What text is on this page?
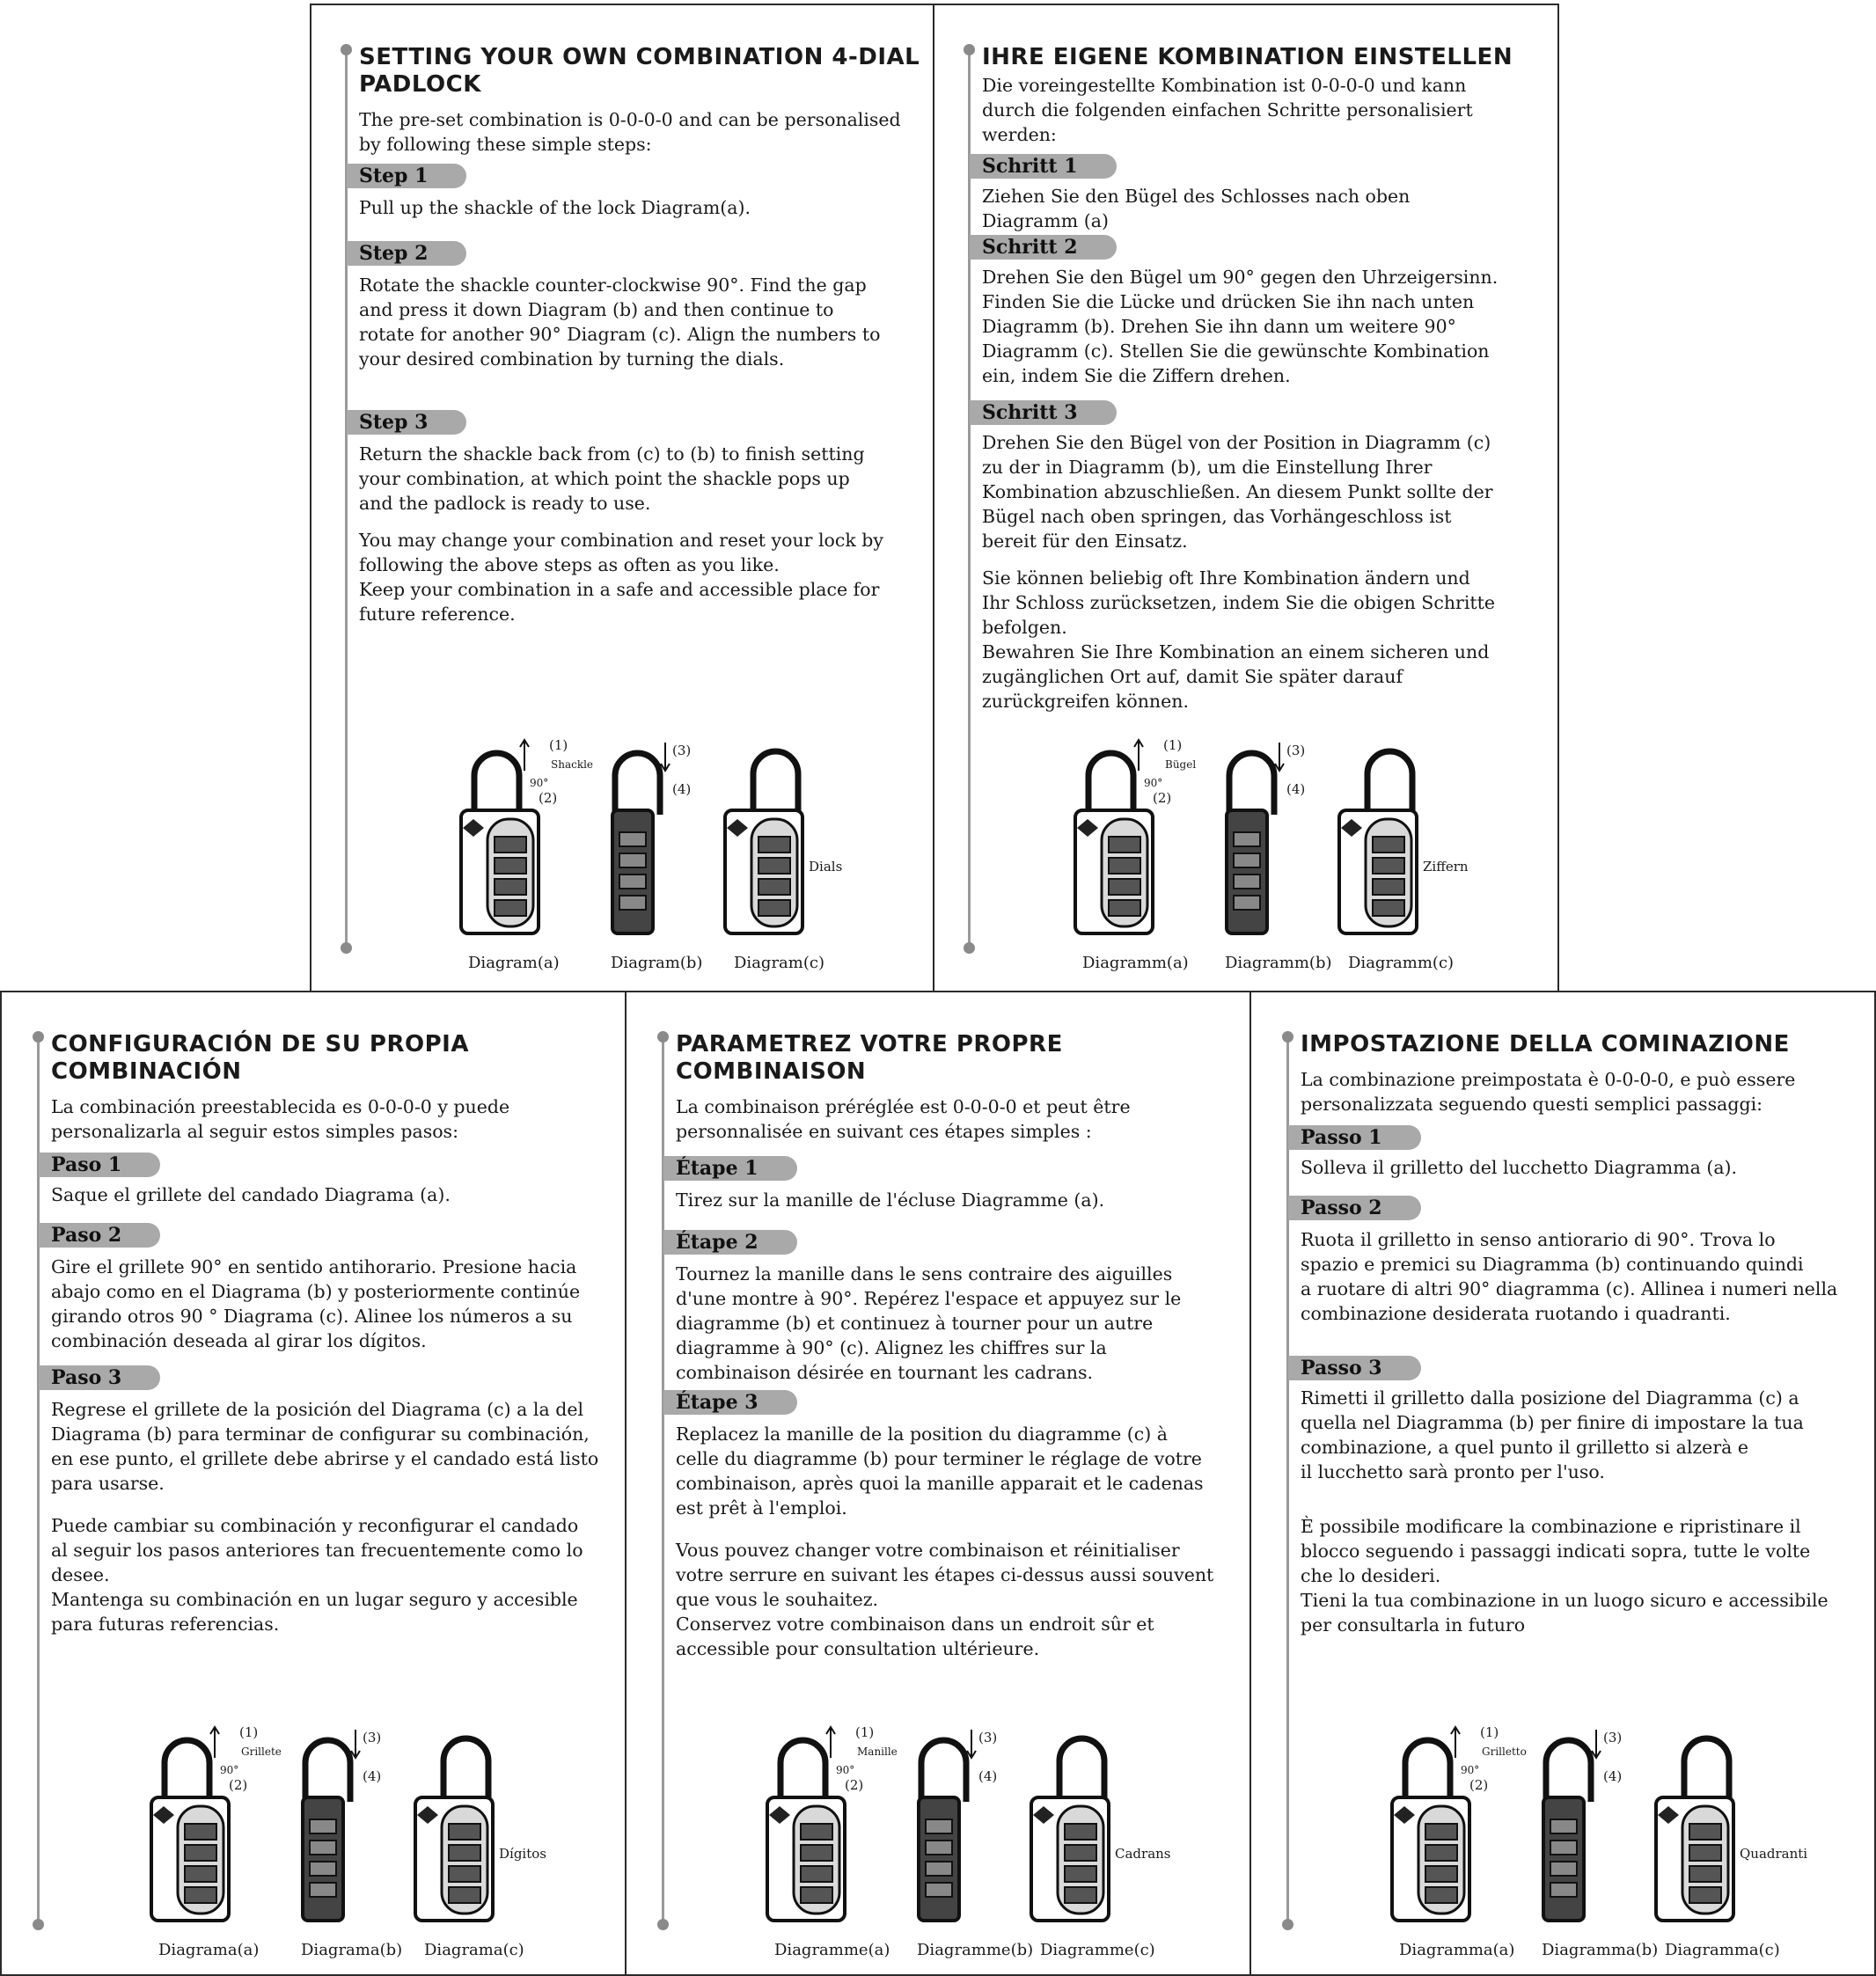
SETTING YOUR OWN COMBINATION 4-DIAL
PADLOCK

The pre-set combination is 0-0-0-0 and can be personalised
by following these simple steps:

Step 1

Pull up the shackle of the lock Diagram(a).

Step 2

Rotate the shackle counter-clockwise 90°. Find the gap
and press it down Diagram (b) and then continue to
rotate for another 90° Diagram (c). Align the numbers to
your desired combination by turning the dials.

Step 3

Return the shackle back from (c) to (b) to finish setting
your combination, at which point the shackle pops up
and the padlock is ready to use.

You may change your combination and reset your lock by
following the above steps as often as you like.
Keep your combination in a safe and accessible place for
future reference.

(1)
Shackle
90°
(2)
(3)
(4)
Dials
Diagram(a)	Diagram(b) Diagram(c)
IHRE EIGENE KOMBINATION EINSTELLEN

Die voreingestellte Kombination ist 0-0-0-0 und kann
durch die folgenden einfachen Schritte personalisiert
werden:

Schritt 1

Ziehen Sie den Bügel des Schlosses nach oben
Diagramm (a)

Schritt 2

Drehen Sie den Bügel um 90° gegen den Uhrzeigersinn.
Finden Sie die Lücke und drücken Sie ihn nach unten
Diagramm (b). Drehen Sie ihn dann um weitere 90°
Diagramm (c). Stellen Sie die gewünschte Kombination
ein, indem Sie die Ziffern drehen.

Schritt 3

Drehen Sie den Bügel von der Position in Diagramm (c)
zu der in Diagramm (b), um die Einstellung Ihrer
Kombination abzuschließen. An diesem Punkt sollte der
Bügel nach oben springen, das Vorhängeschloss ist
bereit für den Einsatz.

Sie können beliebig oft Ihre Kombination ändern und
Ihr Schloss zurücksetzen, indem Sie die obigen Schritte
befolgen.
Bewahren Sie Ihre Kombination an einem sicheren und
zugänglichen Ort auf, damit Sie später darauf
zurückgreifen können.

(1)
Bügel
90°
(2)
(3)
(4)
Ziffern
Diagramm(a) Diagramm(b) Diagramm(c)
CONFIGURACIÓN DE SU PROPIA COMBINACIÓN

La combinación preestablecida es 0-0-0-0 y puede
personalizarla al seguir estos simples pasos:

Paso 1

Saque el grillete del candado Diagrama (a).

Paso 2

Gire el grillete 90° en sentido antihorario. Presione hacia
abajo como en el Diagrama (b) y posteriormente continúe
girando otros 90 ° Diagrama (c). Alinee los números a su
combinación deseada al girar los dígitos.

Paso 3

Regrese el grillete de la posición del Diagrama (c) a la del
Diagrama (b) para terminar de configurar su combinación,
en ese punto, el grillete debe abrirse y el candado está listo
para usarse.

Puede cambiar su combinación y reconfigurar el candado
al seguir los pasos anteriores tan frecuentemente como lo
desee.
Mantenga su combinación en un lugar seguro y accesible
para futuras referencias.

(1)
Grillete
90°
(2)
(3)
(4)
Dígitos
Diagrama(a)	Diagrama(b) Diagrama(c)
PARAMETREZ VOTRE PROPRE COMBINAISON

La combinaison préréglée est 0-0-0-0 et peut être
personnalisée en suivant ces étapes simples :

Étape 1

Tirez sur la manille de l'écluse Diagramme (a).

Étape 2

Tournez la manille dans le sens contraire des aiguilles
d'une montre à 90°. Repérez l'espace et appuyez sur le
diagramme (b) et continuez à tourner pour un autre
diagramme à 90° (c). Alignez les chiffres sur la
combinaison désirée en tournant les cadrans.

Étape 3

Replacez la manille de la position du diagramme (c) à
celle du diagramme (b) pour terminer le réglage de votre
combinaison, après quoi la manille apparait et le cadenas
est prêt à l'emploi.

Vous pouvez changer votre combinaison et réinitialiser
votre serrure en suivant les étapes ci-dessus aussi souvent
que vous le souhaitez.
Conservez votre combinaison dans un endroit sûr et
accessible pour consultation ultérieure.

(1)
Manille
90°
(2)
(3)
(4)
Cadrans
Diagramme(a) Diagramme(b) Diagramme(c)
IMPOSTAZIONE DELLA COMINAZIONE

La combinazione preimpostata è 0-0-0-0, e può essere
personalizzata seguendo questi semplici passaggi:

Passo 1

Solleva il grilletto del lucchetto Diagramma (a).

Passo 2

Ruota il grilletto in senso antiorario di 90°. Trova lo
spazio e premici su Diagramma (b) continuando quindi
a ruotare di altri 90° diagramma (c). Allinea i numeri nella
combinazione desiderata ruotando i quadranti.

Passo 3

Rimetti il grilletto dalla posizione del Diagramma (c) a
quella nel Diagramma (b) per finire di impostare la tua
combinazione, a quel punto il grilletto si alzerà e
il lucchetto sarà pronto per l'uso.

È possibile modificare la combinazione e ripristinare il
blocco seguendo i passaggi indicati sopra, tutte le volte
che lo desideri.
Tieni la tua combinazione in un luogo sicuro e accessibile
per consultarla in futuro

(1)
Grilletto
90°
(2)
(3)
(4)
Quadranti
Diagramma(a) Diagramma(b) Diagramma(c)
